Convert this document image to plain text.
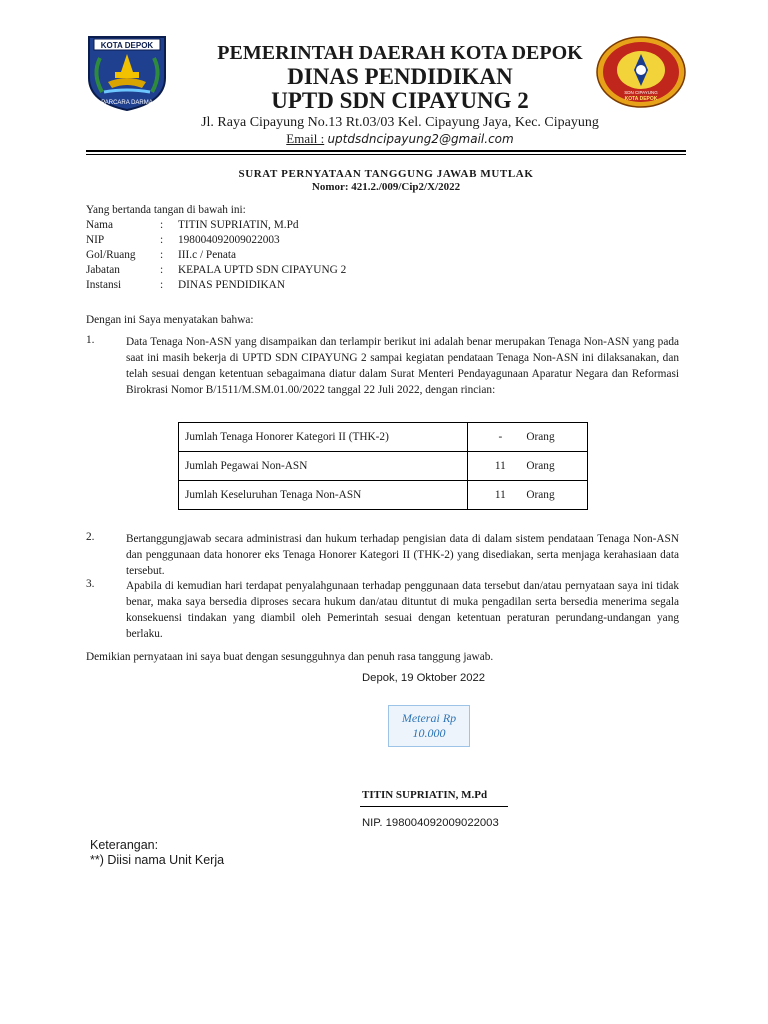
KOTA DEPOK
PARCARA DARMA
SDN CIPAYUNG
KOTA DEPOK
PEMERINTAH DAERAH KOTA DEPOK
DINAS PENDIDIKAN
UPTD SDN CIPAYUNG 2
Jl. Raya Cipayung No.13 Rt.03/03 Kel. Cipayung Jaya, Kec. Cipayung
Email : uptdsdncipayung2@gmail.com
SURAT PERNYATAAN TANGGUNG JAWAB MUTLAK
Nomor: 421.2./009/Cip2/X/2022
Yang bertanda tangan di bawah ini:
Nama	: TITIN SUPRIATIN, M.Pd
NIP	: 198004092009022003
Gol/Ruang : III.c / Penata
Jabatan	: KEPALA UPTD SDN CIPAYUNG 2
Instansi	: DINAS PENDIDIKAN
Dengan ini Saya menyatakan bahwa:
1.	Data Tenaga Non-ASN yang disampaikan dan terlampir berikut ini adalah benar merupakan Tenaga Non-ASN yang pada saat ini masih bekerja di UPTD SDN CIPAYUNG 2 sampai kegiatan pendataan Tenaga Non-ASN ini dilaksanakan, dan telah sesuai dengan ketentuan sebagaimana diatur dalam Surat Menteri Pendayagunaan Aparatur Negara dan Reformasi Birokrasi Nomor B/1511/M.SM.01.00/2022 tanggal 22 Juli 2022, dengan rincian:
Jumlah Tenaga Honorer Kategori II (THK-2)	- Orang
Jumlah Pegawai Non-ASN	11 Orang
Jumlah Keseluruhan Tenaga Non-ASN	11 Orang
2.	Bertanggungjawab secara administrasi dan hukum terhadap pengisian data di dalam sistem pendataan Tenaga Non-ASN dan penggunaan data honorer eks Tenaga Honorer Kategori II (THK-2) yang disediakan, serta menjaga kerahasiaan data tersebut.
3.	Apabila di kemudian hari terdapat penyalahgunaan terhadap penggunaan data tersebut dan/atau pernyataan saya ini tidak benar, maka saya bersedia diproses secara hukum dan/atau dituntut di muka pengadilan serta bersedia menerima segala konsekuensi tindakan yang diambil oleh Pemerintah sesuai dengan ketentuan peraturan perundang-undangan yang berlaku.
Demikian pernyataan ini saya buat dengan sesungguhnya dan penuh rasa tanggung jawab.
Depok, 19 Oktober 2022
Meterai Rp
10.000
TITIN SUPRIATIN, M.Pd
NIP. 198004092009022003
Keterangan:
**) Diisi nama Unit Kerja
